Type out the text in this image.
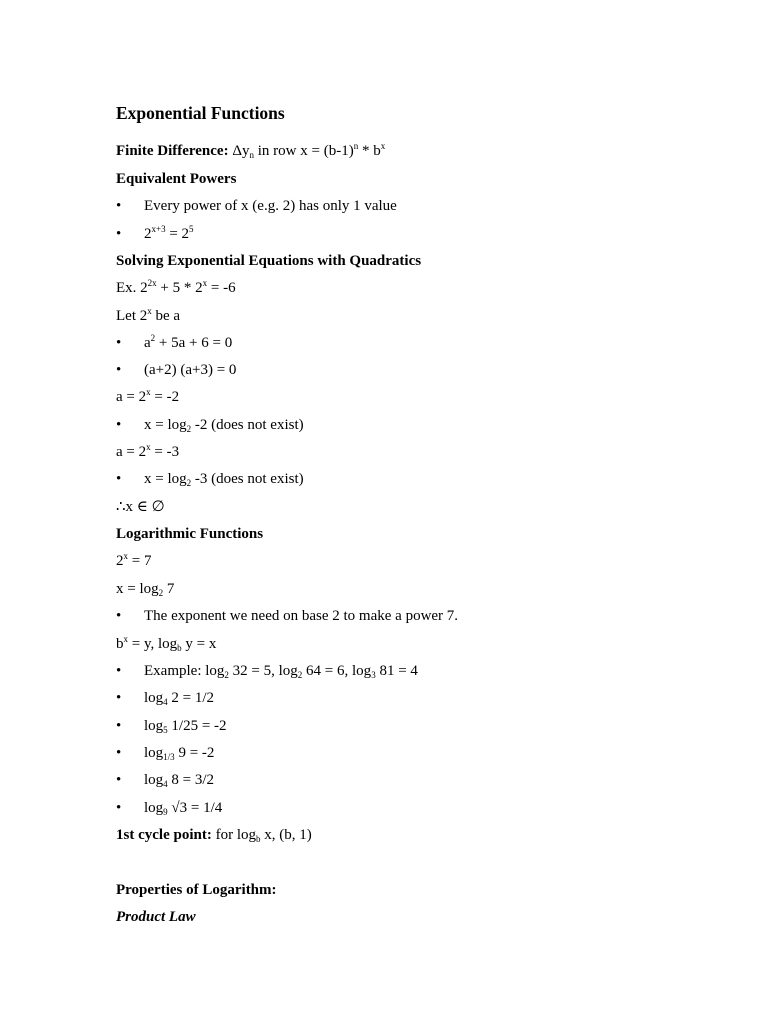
Exponential Functions
Finite Difference: $\Delta y_n$ in row $x = (b-1)^n * b^x$
Equivalent Powers
• Every power of x (e.g. 2) has only 1 value
• $2^{x+3} = 2^5$
Solving Exponential Equations with Quadratics
Ex. $2^{2x} + 5 * 2^x = -6$
Let 2$^x$ be a
• $a^2 + 5a + 6 = 0$
• (a+2) (a+3) = 0
$a = 2^x = -2$
• $x = \log_2 -2$ (does not exist)
$a = 2^x = -3$
• $x = \log_2 -3$ (does not exist)
∴x ∈ ∅
Logarithmic Functions
$2^x = 7$
$x = \log_2 7$
• The exponent we need on base 2 to make a power 7.
$b^x = y$, $\log_b y = x$
• Example: $\log_2 32 = 5$, $\log_2 64 = 6$, $\log_3 81 = 4$
• $\log_4 2 = 1/2$
• $\log_5 1/25 = -2$
• $\log_{1/3} 9 = -2$
• $\log_4 8 = 3/2$
• $\log_9 √3 = 1/4$
1st cycle point: for $\log_b x$, (b, 1)
Properties of Logarithm:
Product Law
